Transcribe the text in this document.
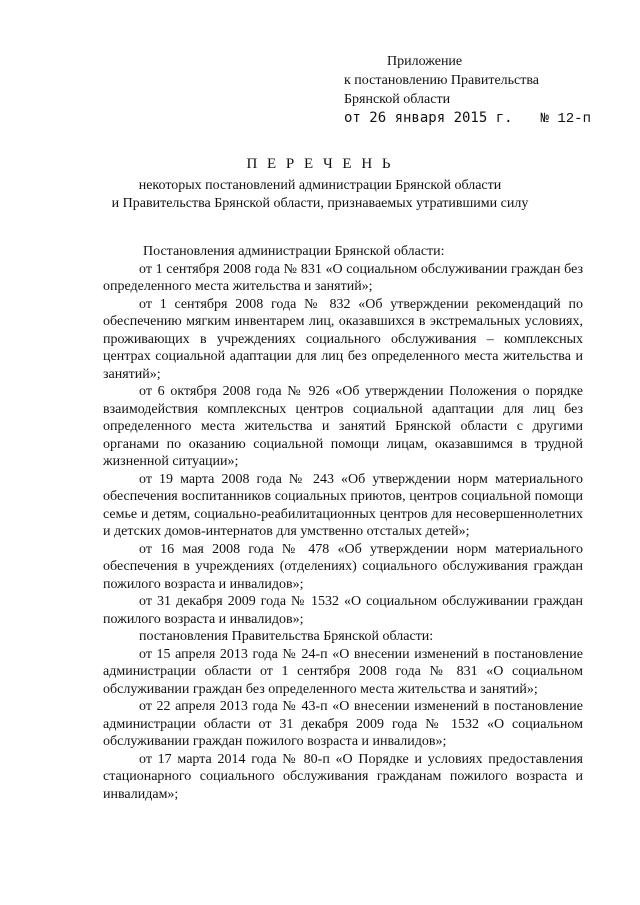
Приложение
к постановлению Правительства
Брянской области
от 26 января 2015 г. № 12-п
П Е Р Е Ч Е Н Ь
некоторых постановлений администрации Брянской области
и Правительства Брянской области, признаваемых утратившими силу

Постановления администрации Брянской области:

от 1 сентября 2008 года № 831 «О социальном обслуживании граждан без определенного места жительства и занятий»;

от 1 сентября 2008 года № 832 «Об утверждении рекомендаций по обеспечению мягким инвентарем лиц, оказавшихся в экстремальных условиях, проживающих в учреждениях социального обслуживания – комплексных центрах социальной адаптации для лиц без определенного места жительства и занятий»;

от 6 октября 2008 года № 926 «Об утверждении Положения о порядке взаимодействия комплексных центров социальной адаптации для лиц без определенного места жительства и занятий Брянской области с другими органами по оказанию социальной помощи лицам, оказавшимся в трудной жизненной ситуации»;

от 19 марта 2008 года № 243 «Об утверждении норм материального обеспечения воспитанников социальных приютов, центров социальной помощи семье и детям, социально-реабилитационных центров для несовершеннолетних и детских домов-интернатов для умственно отсталых детей»;

от 16 мая 2008 года № 478 «Об утверждении норм материального обеспечения в учреждениях (отделениях) социального обслуживания граждан пожилого возраста и инвалидов»;

от 31 декабря 2009 года № 1532 «О социальном обслуживании граждан пожилого возраста и инвалидов»;

постановления Правительства Брянской области:

от 15 апреля 2013 года № 24-п «О внесении изменений в постановление администрации области от 1 сентября 2008 года № 831 «О социальном обслуживании граждан без определенного места жительства и занятий»;

от 22 апреля 2013 года № 43-п «О внесении изменений в постановление администрации области от 31 декабря 2009 года № 1532 «О социальном обслуживании граждан пожилого возраста и инвалидов»;

от 17 марта 2014 года № 80-п «О Порядке и условиях предоставления стационарного социального обслуживания гражданам пожилого возраста и инвалидам»;
